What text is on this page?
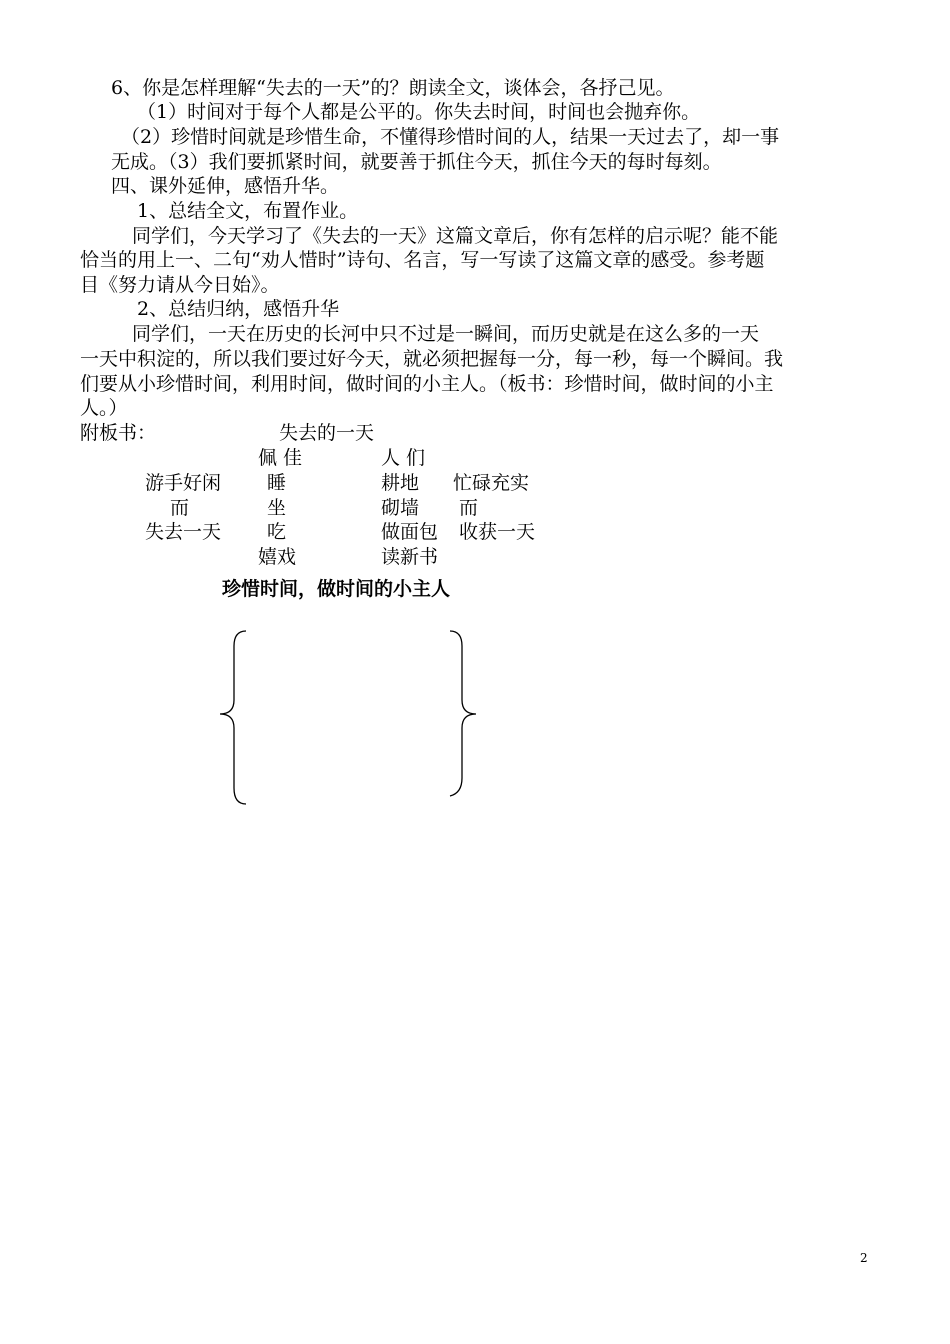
6、你是怎样理解“失去的一天”的？朗读全文，谈体会，各抒己见。
（1）时间对于每个人都是公平的。你失去时间，时间也会抛弃你。
（2）珍惜时间就是珍惜生命，不懂得珍惜时间的人，结果一天过去了，却一事
无成。（3）我们要抓紧时间，就要善于抓住今天，抓住今天的每时每刻。
四、课外延伸，感悟升华。
1、总结全文，布置作业。
同学们，今天学习了《失去的一天》这篇文章后，你有怎样的启示呢？能不能
恰当的用上一、二句“劝人惜时”诗句、名言，写一写读了这篇文章的感受。参考题
目《努力请从今日始》。
2、总结归纳，感悟升华
同学们，一天在历史的长河中只不过是一瞬间，而历史就是在这么多的一天
一天中积淀的，所以我们要过好今天，就必须把握每一分，每一秒，每一个瞬间。我
们要从小珍惜时间，利用时间，做时间的小主人。（板书：珍惜时间，做时间的小主
人。）
附板书：	失去的一天
佩 佳	人 们
游手好闲 睡	耕地 忙碌充实
而	坐	砌墙 而
失去一天 吃	做面包 收获一天
嬉戏	读新书
珍惜时间，做时间的小主人
2
